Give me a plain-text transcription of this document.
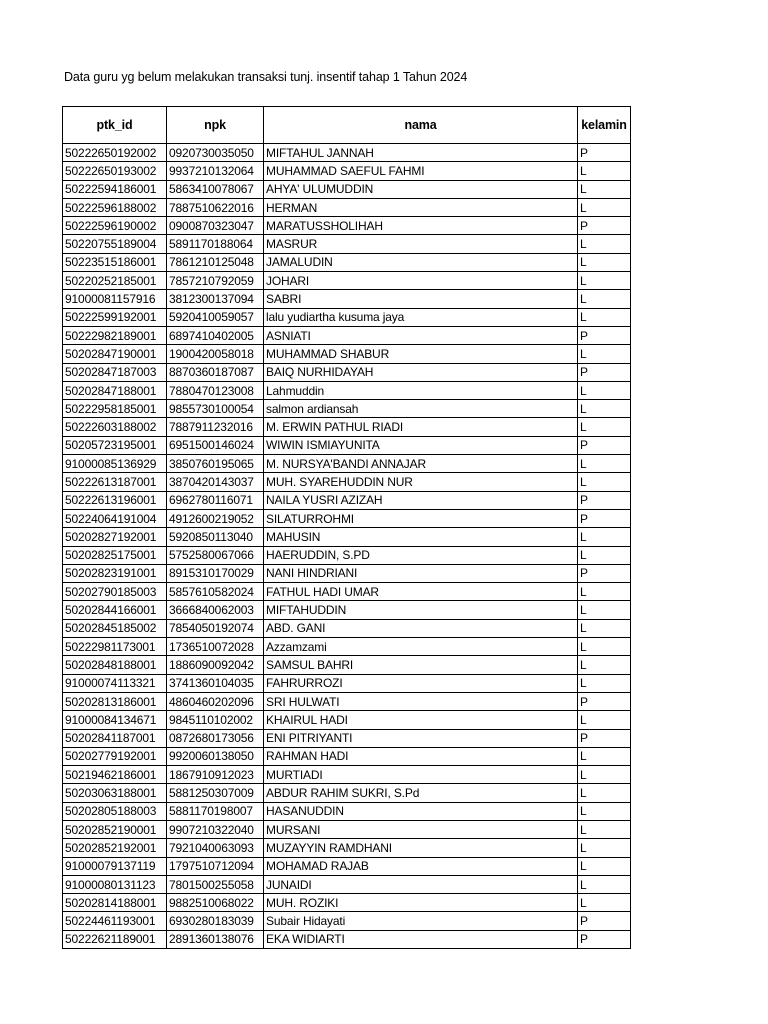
Data guru yg belum melakukan transaksi tunj. insentif tahap 1 Tahun 2024
ptk_id	npk	nama	kelamin
50222650192002	0920730035050	MIFTAHUL JANNAH	P
50222650193002	9937210132064	MUHAMMAD SAEFUL FAHMI	L
50222594186001	5863410078067	AHYA' ULUMUDDIN	L
50222596188002	7887510622016	HERMAN	L
50222596190002	0900870323047	MARATUSSHOLIHAH	P
50220755189004	5891170188064	MASRUR	L
50223515186001	7861210125048	JAMALUDIN	L
50220252185001	7857210792059	JOHARI	L
91000081157916	3812300137094	SABRI	L
50222599192001	5920410059057	lalu yudiartha kusuma jaya	L
50222982189001	6897410402005	ASNIATI	P
50202847190001	1900420058018	MUHAMMAD SHABUR	L
50202847187003	8870360187087	BAIQ NURHIDAYAH	P
50202847188001	7880470123008	Lahmuddin	L
50222958185001	9855730100054	salmon ardiansah	L
50222603188002	7887911232016	M. ERWIN PATHUL RIADI	L
50205723195001	6951500146024	WIWIN ISMIAYUNITA	P
91000085136929	3850760195065	M. NURSYA'BANDI ANNAJAR	L
50222613187001	3870420143037	MUH. SYAREHUDDIN NUR	L
50222613196001	6962780116071	NAILA YUSRI AZIZAH	P
50224064191004	4912600219052	SILATURROHMI	P
50202827192001	5920850113040	MAHUSIN	L
50202825175001	5752580067066	HAERUDDIN, S.PD	L
50202823191001	8915310170029	NANI HINDRIANI	P
50202790185003	5857610582024	FATHUL HADI UMAR	L
50202844166001	3666840062003	MIFTAHUDDIN	L
50202845185002	7854050192074	ABD. GANI	L
50222981173001	1736510072028	Azzamzami	L
50202848188001	1886090092042	SAMSUL BAHRI	L
91000074113321	3741360104035	FAHRURROZI	L
50202813186001	4860460202096	SRI HULWATI	P
91000084134671	9845110102002	KHAIRUL HADI	L
50202841187001	0872680173056	ENI PITRIYANTI	P
50202779192001	9920060138050	RAHMAN HADI	L
50219462186001	1867910912023	MURTIADI	L
50203063188001	5881250307009	ABDUR RAHIM SUKRI, S.Pd	L
50202805188003	5881170198007	HASANUDDIN	L
50202852190001	9907210322040	MURSANI	L
50202852192001	7921040063093	MUZAYYIN RAMDHANI	L
91000079137119	1797510712094	MOHAMAD RAJAB	L
91000080131123	7801500255058	JUNAIDI	L
50202814188001	9882510068022	MUH. ROZIKI	L
50224461193001	6930280183039	Subair Hidayati	P
50222621189001	2891360138076	EKA WIDIARTI	P
